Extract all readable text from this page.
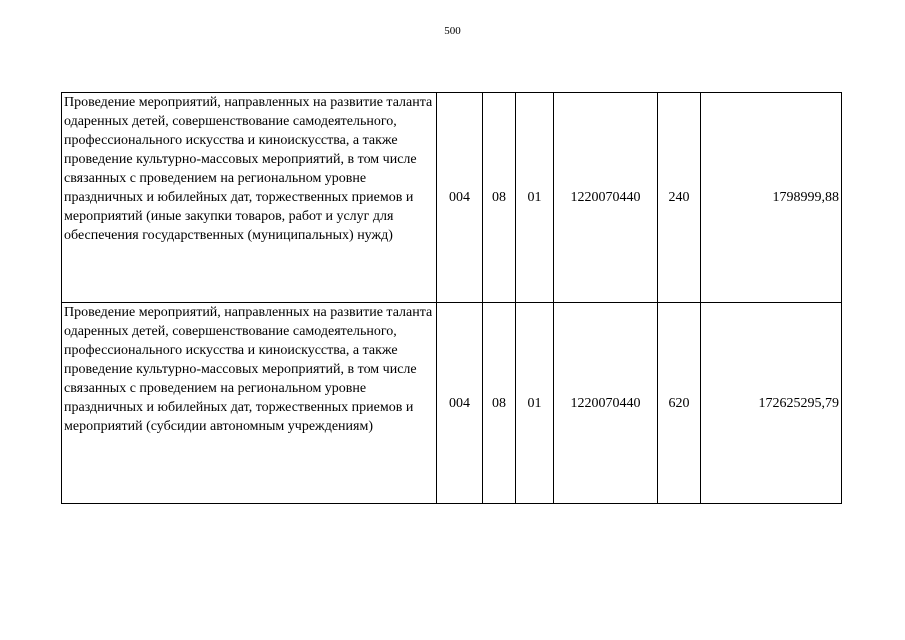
500
Проведение мероприятий, направленных на развитие таланта одаренных детей, совершенствование самодеятельного, профессионального искусства и киноискусства, а также проведение культурно-массовых мероприятий, в том числе связанных с проведением на региональном уровне праздничных и юбилейных дат, торжественных приемов и мероприятий (иные закупки товаров, работ и услуг для обеспечения государственных (муниципальных) нужд)	004	08	01	1220070440	240	1798999,88
Проведение мероприятий, направленных на развитие таланта одаренных детей, совершенствование самодеятельного, профессионального искусства и киноискусства, а также проведение культурно-массовых мероприятий, в том числе связанных с проведением на региональном уровне праздничных и юбилейных дат, торжественных приемов и мероприятий (субсидии автономным учреждениям)	004	08	01	1220070440	620	172625295,79
